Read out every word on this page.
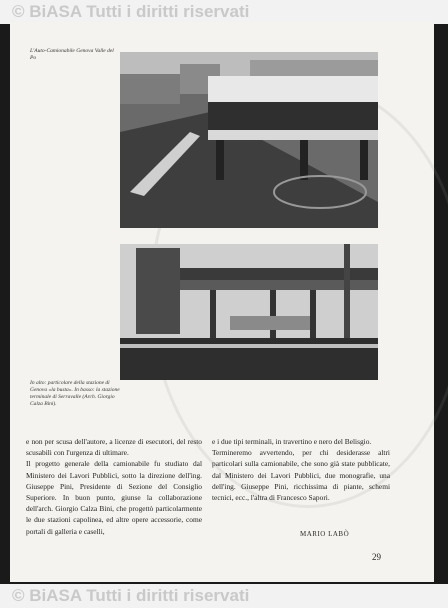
© BiASA Tutti i diritti riservati
L'Auto-Camionabile Genova Valle del Po
In alto: particolare della stazione di Genova «la busta». In basso: la stazione terminale di Serravalle (Arch. Giorgio Calza Bini).

e non per scusa dell'autore, a licenze di esecutori, del resto scusabili con l'urgenza di ultimare.

Il progetto generale della camionabile fu studiato dal Ministero dei Lavori Pubblici, sotto la direzione dell'ing. Giuseppe Pini, Presidente di Sezione del Consiglio Superiore. In buon punto, giunse la collaborazione dell'arch. Giorgio Calza Bini, che progettò particolarmente le due stazioni capolinea, ed altre opere accessorie, come portali di galleria e caselli,

e i due tipi terminali, in travertino e nero del Belisgio.

Termineremo avvertendo, per chi desiderasse altri particolari sulla camionabile, che sono già state pubblicate, dal Ministero dei Lavori Pubblici, due monografie, una dell'ing. Giuseppe Pini, ricchissima di piante, schemi tecnici, ecc., l'altra di Francesco Sapori.

MARIO LABÒ
29
© BiASA Tutti i diritti riservati
